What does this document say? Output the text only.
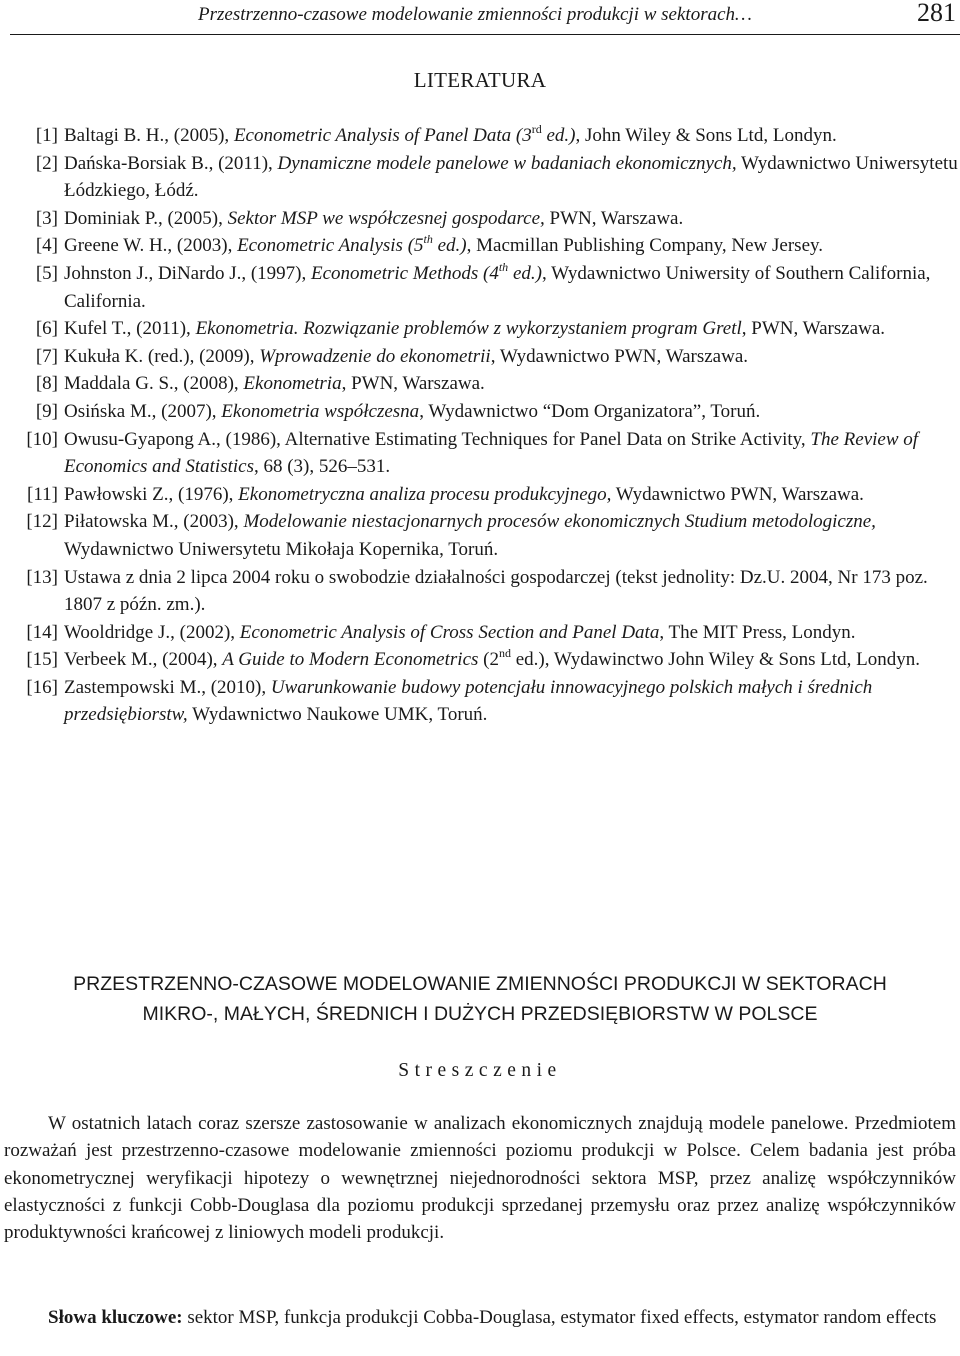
Przestrzenno-czasowe modelowanie zmienności produkcji w sektorach…	281
LITERATURA
[1] Baltagi B. H., (2005), Econometric Analysis of Panel Data (3rd ed.), John Wiley & Sons Ltd, Londyn.
[2] Dańska-Borsiak B., (2011), Dynamiczne modele panelowe w badaniach ekonomicznych, Wydawnictwo Uniwersytetu Łódzkiego, Łódź.
[3] Dominiak P., (2005), Sektor MSP we współczesnej gospodarce, PWN, Warszawa.
[4] Greene W. H., (2003), Econometric Analysis (5th ed.), Macmillan Publishing Company, New Jersey.
[5] Johnston J., DiNardo J., (1997), Econometric Methods (4th ed.), Wydawnictwo Uniwersity of Southern California, California.
[6] Kufel T., (2011), Ekonometria. Rozwiązanie problemów z wykorzystaniem program Gretl, PWN, Warszawa.
[7] Kukuła K. (red.), (2009), Wprowadzenie do ekonometrii, Wydawnictwo PWN, Warszawa.
[8] Maddala G. S., (2008), Ekonometria, PWN, Warszawa.
[9] Osińska M., (2007), Ekonometria współczesna, Wydawnictwo “Dom Organizatora”, Toruń.
[10] Owusu-Gyapong A., (1986), Alternative Estimating Techniques for Panel Data on Strike Activity, The Review of Economics and Statistics, 68 (3), 526–531.
[11] Pawłowski Z., (1976), Ekonometryczna analiza procesu produkcyjnego, Wydawnictwo PWN, Warszawa.
[12] Piłatowska M., (2003), Modelowanie niestacjonarnych procesów ekonomicznych Studium metodologiczne, Wydawnictwo Uniwersytetu Mikołaja Kopernika, Toruń.
[13] Ustawa z dnia 2 lipca 2004 roku o swobodzie działalności gospodarczej (tekst jednolity: Dz.U. 2004, Nr 173 poz. 1807 z późn. zm.).
[14] Wooldridge J., (2002), Econometric Analysis of Cross Section and Panel Data, The MIT Press, Londyn.
[15] Verbeek M., (2004), A Guide to Modern Econometrics (2nd ed.), Wydawinctwo John Wiley & Sons Ltd, Londyn.
[16] Zastempowski M., (2010), Uwarunkowanie budowy potencjału innowacyjnego polskich małych i średnich przedsiębiorstw, Wydawnictwo Naukowe UMK, Toruń.
PRZESTRZENNO-CZASOWE MODELOWANIE ZMIENNOŚCI PRODUKCJI W SEKTORACH
MIKRO-, MAŁYCH, ŚREDNICH I DUŻYCH PRZEDSIĘBIORSTW W POLSCE
Streszczenie

W ostatnich latach coraz szersze zastosowanie w analizach ekonomicznych znajdują modele panelowe. Przedmiotem rozważań jest przestrzenno-czasowe modelowanie zmienności poziomu produkcji w Polsce. Celem badania jest próba ekonometrycznej weryfikacji hipotezy o wewnętrznej niejednorodności sektora MSP, przez analizę współczynników elastyczności z funkcji Cobb-Douglasa dla poziomu produkcji sprzedanej przemysłu oraz przez analizę współczynników produktywności krańcowej z liniowych modeli produkcji.

Słowa kluczowe: sektor MSP, funkcja produkcji Cobba-Douglasa, estymator fixed effects, estymator random effects
